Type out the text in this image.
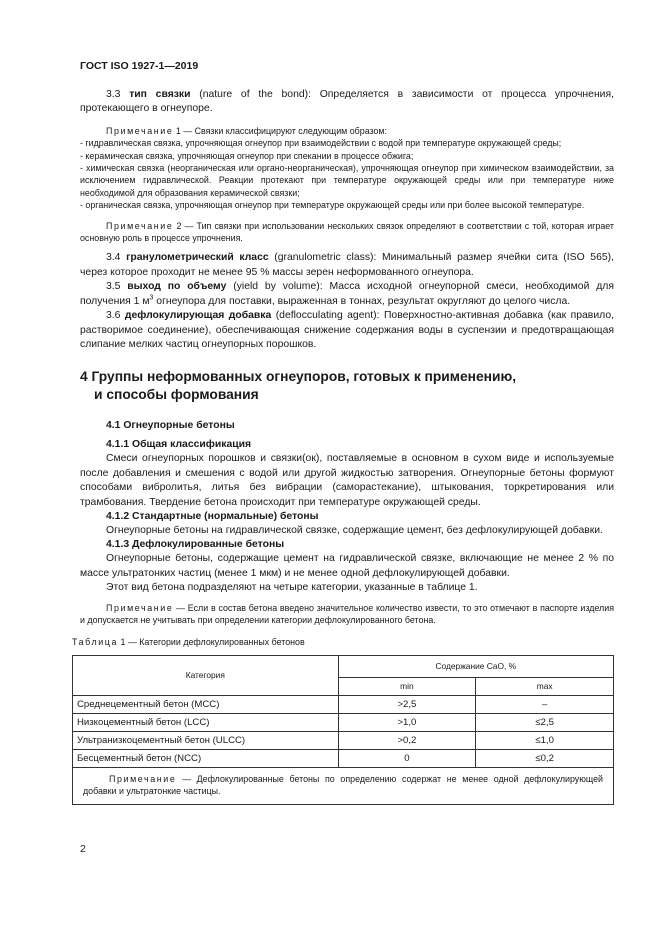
ГОСТ ISO 1927-1—2019

3.3 тип связки (nature of the bond): Определяется в зависимости от процесса упрочнения, протекающего в огнеупоре.

Примечание 1 — Связки классифицируют следующим образом:

- гидравлическая связка, упрочняющая огнеупор при взаимодействии с водой при температуре окружающей среды;

- керамическая связка, упрочняющая огнеупор при спекании в процессе обжига;

- химическая связка (неорганическая или органо-неорганическая), упрочняющая огнеупор при химическом взаимодействии, за исключением гидравлической. Реакции протекают при температуре окружающей среды или при температуре ниже необходимой для образования керамической связки;

- органическая связка, упрочняющая огнеупор при температуре окружающей среды или при более высокой температуре.

Примечание 2 — Тип связки при использовании нескольких связок определяют в соответствии с той, которая играет основную роль в процессе упрочнения.

3.4 гранулометрический класс (granulometric class): Минимальный размер ячейки сита (ISO 565), через которое проходит не менее 95 % массы зерен неформованного огнеупора.

3.5 выход по объему (yield by volume): Масса исходной огнеупорной смеси, необходимой для получения 1 $м^3$ огнеупора для поставки, выраженная в тоннах, результат округляют до целого числа.

3.6 дефлокулирующая добавка (deflocculating agent): Поверхностно-активная добавка (как правило, растворимое соединение), обеспечивающая снижение содержания воды в суспензии и предотвращающая слипание мелких частиц огнеупорных порошков.

4 Группы неформованных огнеупоров, готовых к применению,
и способы формования
4.1 Огнеупорные бетоны
4.1.1 Общая классификация

Смеси огнеупорных порошков и связки(ок), поставляемые в основном в сухом виде и используемые после добавления и смешения с водой или другой жидкостью затворения. Огнеупорные бетоны формуют способами вибролитья, литья без вибрации (саморастекание), штыкования, торкретирования или трамбования. Твердение бетона происходит при температуре окружающей среды.

4.1.2 Стандартные (нормальные) бетоны

Огнеупорные бетоны на гидравлической связке, содержащие цемент, без дефлокулирующей добавки.

4.1.3 Дефлокулированные бетоны

Огнеупорные бетоны, содержащие цемент на гидравлической связке, включающие не менее 2 % по массе ультратонких частиц (менее 1 мкм) и не менее одной дефлокулирующей добавки.

Этот вид бетона подразделяют на четыре категории, указанные в таблице 1.

Примечание — Если в состав бетона введено значительное количество извести, то это отмечают в паспорте изделия и допускается не учитывать при определении категории дефлокулированного бетона.

Таблица 1 — Категории дефлокулированных бетонов

Категория	Содержание CaO, %	
	min	max
Среднецементный бетон (MCC)	>2,5	–
Низкоцементный бетон (LCC)	>1,0	≤2,5
Ультранизкоцементный бетон (ULCC)	>0,2	≤1,0
Бесцементный бетон (NCC)	0	≤0,2

Примечание — Дефлокулированные бетоны по определению содержат не менее одной дефлокулирующей добавки и ультратонкие частицы.		

2
